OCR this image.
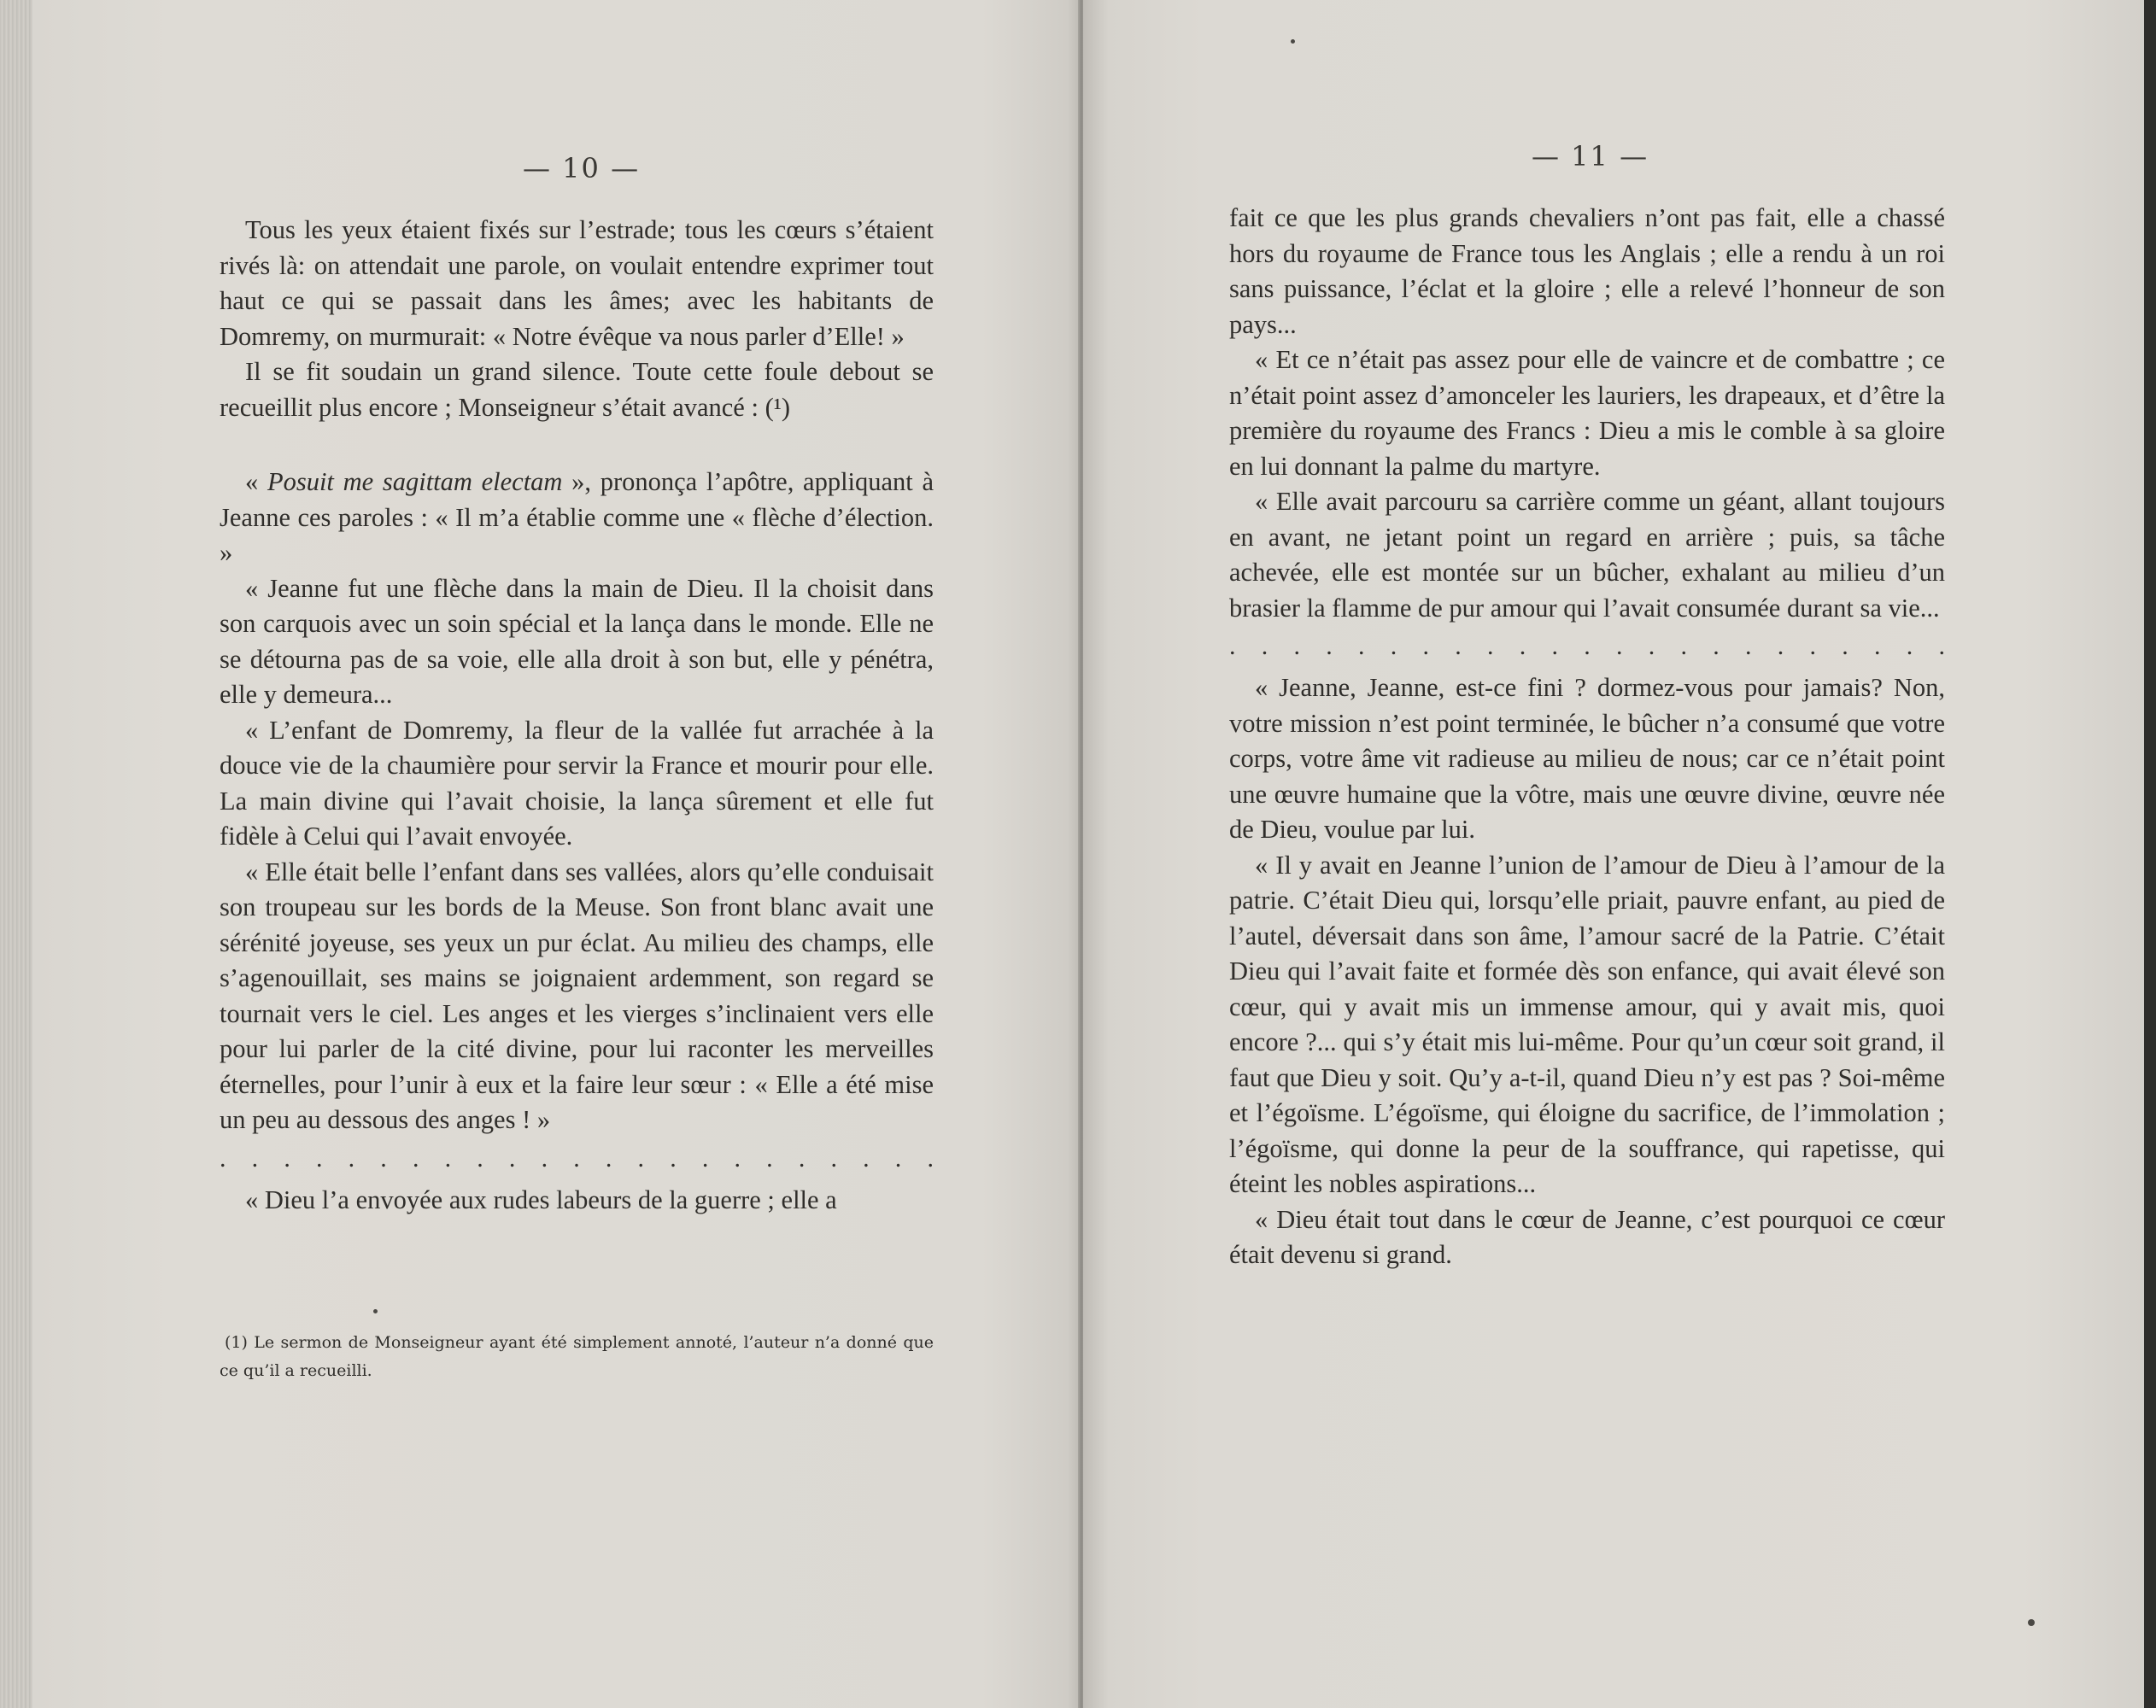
— 10 —

Tous les yeux étaient fixés sur l’estrade; tous les cœurs s’étaient rivés là: on attendait une parole, on voulait entendre exprimer tout haut ce qui se passait dans les âmes; avec les habitants de Domremy, on murmurait: « Notre évêque va nous parler d’Elle! »

Il se fit soudain un grand silence. Toute cette foule debout se recueillit plus encore ; Monseigneur s’était avancé : (¹)

« Posuit me sagittam electam », prononça l’apôtre, appliquant à Jeanne ces paroles : « Il m’a établie comme une « flèche d’élection. »

« Jeanne fut une flèche dans la main de Dieu. Il la choisit dans son carquois avec un soin spécial et la lança dans le monde. Elle ne se détourna pas de sa voie, elle alla droit à son but, elle y pénétra, elle y demeura...

« L’enfant de Domremy, la fleur de la vallée fut arrachée à la douce vie de la chaumière pour servir la France et mourir pour elle. La main divine qui l’avait choisie, la lança sûrement et elle fut fidèle à Celui qui l’avait envoyée.

« Elle était belle l’enfant dans ses vallées, alors qu’elle conduisait son troupeau sur les bords de la Meuse. Son front blanc avait une sérénité joyeuse, ses yeux un pur éclat. Au milieu des champs, elle s’agenouillait, ses mains se joignaient ardemment, son regard se tournait vers le ciel. Les anges et les vierges s’inclinaient vers elle pour lui parler de la cité divine, pour lui raconter les merveilles éternelles, pour l’unir à eux et la faire leur sœur : « Elle a été mise un peu au dessous des anges ! »

. . . . . . . . . . . . . . . . . . . . . . .

« Dieu l’a envoyée aux rudes labeurs de la guerre ; elle a

(1) Le sermon de Monseigneur ayant été simplement annoté, l’auteur n’a donné que ce qu’il a recueilli.

— 11 —

fait ce que les plus grands chevaliers n’ont pas fait, elle a chassé hors du royaume de France tous les Anglais ; elle a rendu à un roi sans puissance, l’éclat et la gloire ; elle a relevé l’honneur de son pays...

« Et ce n’était pas assez pour elle de vaincre et de combattre ; ce n’était point assez d’amonceler les lauriers, les drapeaux, et d’être la première du royaume des Francs : Dieu a mis le comble à sa gloire en lui donnant la palme du martyre.

« Elle avait parcouru sa carrière comme un géant, allant toujours en avant, ne jetant point un regard en arrière ; puis, sa tâche achevée, elle est montée sur un bûcher, exhalant au milieu d’un brasier la flamme de pur amour qui l’avait consumée durant sa vie...

. . . . . . . . . . . . . . . . . . . . . . .

« Jeanne, Jeanne, est-ce fini ? dormez-vous pour jamais? Non, votre mission n’est point terminée, le bûcher n’a consumé que votre corps, votre âme vit radieuse au milieu de nous; car ce n’était point une œuvre humaine que la vôtre, mais une œuvre divine, œuvre née de Dieu, voulue par lui.

« Il y avait en Jeanne l’union de l’amour de Dieu à l’amour de la patrie. C’était Dieu qui, lorsqu’elle priait, pauvre enfant, au pied de l’autel, déversait dans son âme, l’amour sacré de la Patrie. C’était Dieu qui l’avait faite et formée dès son enfance, qui avait élevé son cœur, qui y avait mis un immense amour, qui y avait mis, quoi encore ?... qui s’y était mis lui-même. Pour qu’un cœur soit grand, il faut que Dieu y soit. Qu’y a-t-il, quand Dieu n’y est pas ? Soi-même et l’égoïsme. L’égoïsme, qui éloigne du sacrifice, de l’immolation ; l’égoïsme, qui donne la peur de la souffrance, qui rapetisse, qui éteint les nobles aspirations...

« Dieu était tout dans le cœur de Jeanne, c’est pourquoi ce cœur était devenu si grand.
